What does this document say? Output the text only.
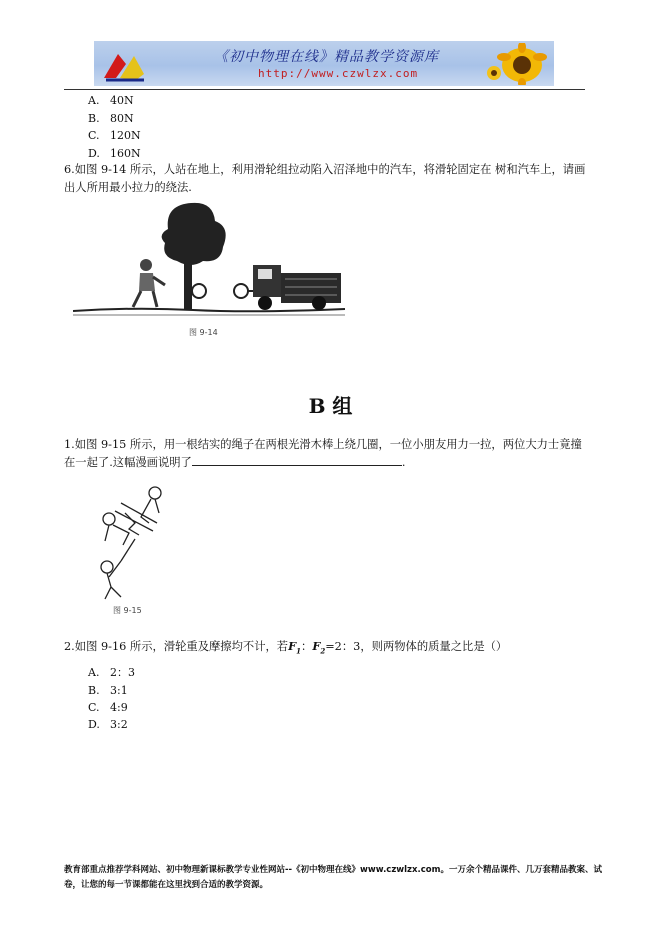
《初中物理在线》精品教学资源库
http://www.czwlzx.com
A. 40N
B. 80N
C. 120N
D. 160N
6.如图 9-14 所示，人站在地上，利用滑轮组拉动陷入沼泽地中的汽车，将滑轮固定在 树和汽车上，请画出人所用最小拉力的绕法.
图 9-14
B 组
1.如图 9-15 所示，用一根结实的绳子在两根光滑木棒上绕几圈，一位小朋友用力一拉，两位大力士竟撞在一起了.这幅漫画说明了	.
图 9-15
2.如图 9-16 所示，滑轮重及摩擦均不计，若$F_1$：$F_2=2$：3，则两物体的质量之比是（）
A. 2：3
B. 3:1
C. 4:9
D. 3:2
教育部重点推荐学科网站、初中物理新课标教学专业性网站--《初中物理在线》www.czwlzx.com。一万余个精品课件、几万套精品教案、试卷，让您的每一节课都能在这里找到合适的教学资源。
